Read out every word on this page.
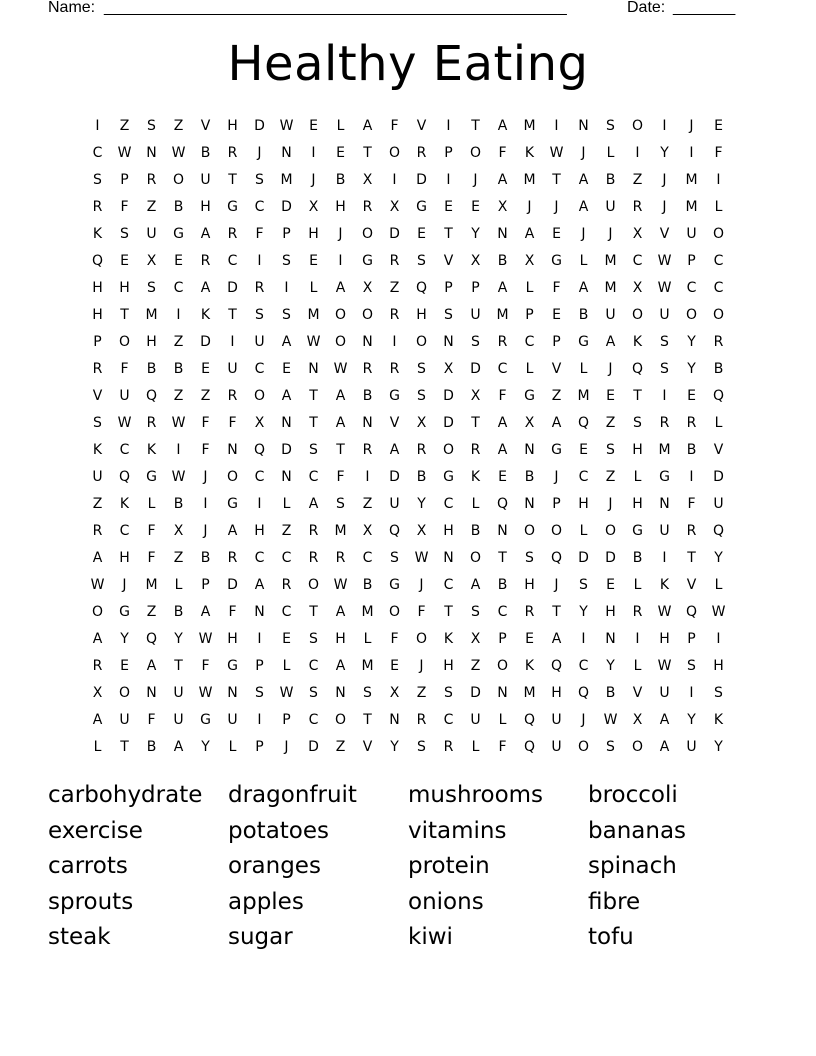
Name: ____________________________________________________	Date: _______
Healthy Eating
I	Z	S	Z	V	H	D	W	E	L	A	F	V	I	T	A	M	I	N	S	O	I	J	E
C	W	N	W	B	R	J	N	I	E	T	O	R	P	O	F	K	W	J	L	I	Y	I	F
S	P	R	O	U	T	S	M	J	B	X	I	D	I	J	A	M	T	A	B	Z	J	M	I
R	F	Z	B	H	G	C	D	X	H	R	X	G	E	E	X	J	J	A	U	R	J	M	L
K	S	U	G	A	R	F	P	H	J	O	D	E	T	Y	N	A	E	J	J	X	V	U	O
Q	E	X	E	R	C	I	S	E	I	G	R	S	V	X	B	X	G	L	M	C	W	P	C
H	H	S	C	A	D	R	I	L	A	X	Z	Q	P	P	A	L	F	A	M	X	W	C	C
H	T	M	I	K	T	S	S	M	O	O	R	H	S	U	M	P	E	B	U	O	U	O	O
P	O	H	Z	D	I	U	A	W	O	N	I	O	N	S	R	C	P	G	A	K	S	Y	R
R	F	B	B	E	U	C	E	N	W	R	R	S	X	D	C	L	V	L	J	Q	S	Y	B
V	U	Q	Z	Z	R	O	A	T	A	B	G	S	D	X	F	G	Z	M	E	T	I	E	Q
S	W	R	W	F	F	X	N	T	A	N	V	X	D	T	A	X	A	Q	Z	S	R	R	L
K	C	K	I	F	N	Q	D	S	T	R	A	R	O	R	A	N	G	E	S	H	M	B	V
U	Q	G	W	J	O	C	N	C	F	I	D	B	G	K	E	B	J	C	Z	L	G	I	D
Z	K	L	B	I	G	I	L	A	S	Z	U	Y	C	L	Q	N	P	H	J	H	N	F	U
R	C	F	X	J	A	H	Z	R	M	X	Q	X	H	B	N	O	O	L	O	G	U	R	Q
A	H	F	Z	B	R	C	C	R	R	C	S	W	N	O	T	S	Q	D	D	B	I	T	Y
W	J	M	L	P	D	A	R	O	W	B	G	J	C	A	B	H	J	S	E	L	K	V	L
O	G	Z	B	A	F	N	C	T	A	M	O	F	T	S	C	R	T	Y	H	R	W	Q	W
A	Y	Q	Y	W	H	I	E	S	H	L	F	O	K	X	P	E	A	I	N	I	H	P	I
R	E	A	T	F	G	P	L	C	A	M	E	J	H	Z	O	K	Q	C	Y	L	W	S	H
X	O	N	U	W	N	S	W	S	N	S	X	Z	S	D	N	M	H	Q	B	V	U	I	S
A	U	F	U	G	U	I	P	C	O	T	N	R	C	U	L	Q	U	J	W	X	A	Y	K
L	T	B	A	Y	L	P	J	D	Z	V	Y	S	R	L	F	Q	U	O	S	O	A	U	Y
carbohydrate	dragonfruit	mushrooms	broccoli
exercise	potatoes	vitamins	bananas
carrots	oranges	protein	spinach
sprouts	apples	onions	fibre
steak	sugar	kiwi	tofu
